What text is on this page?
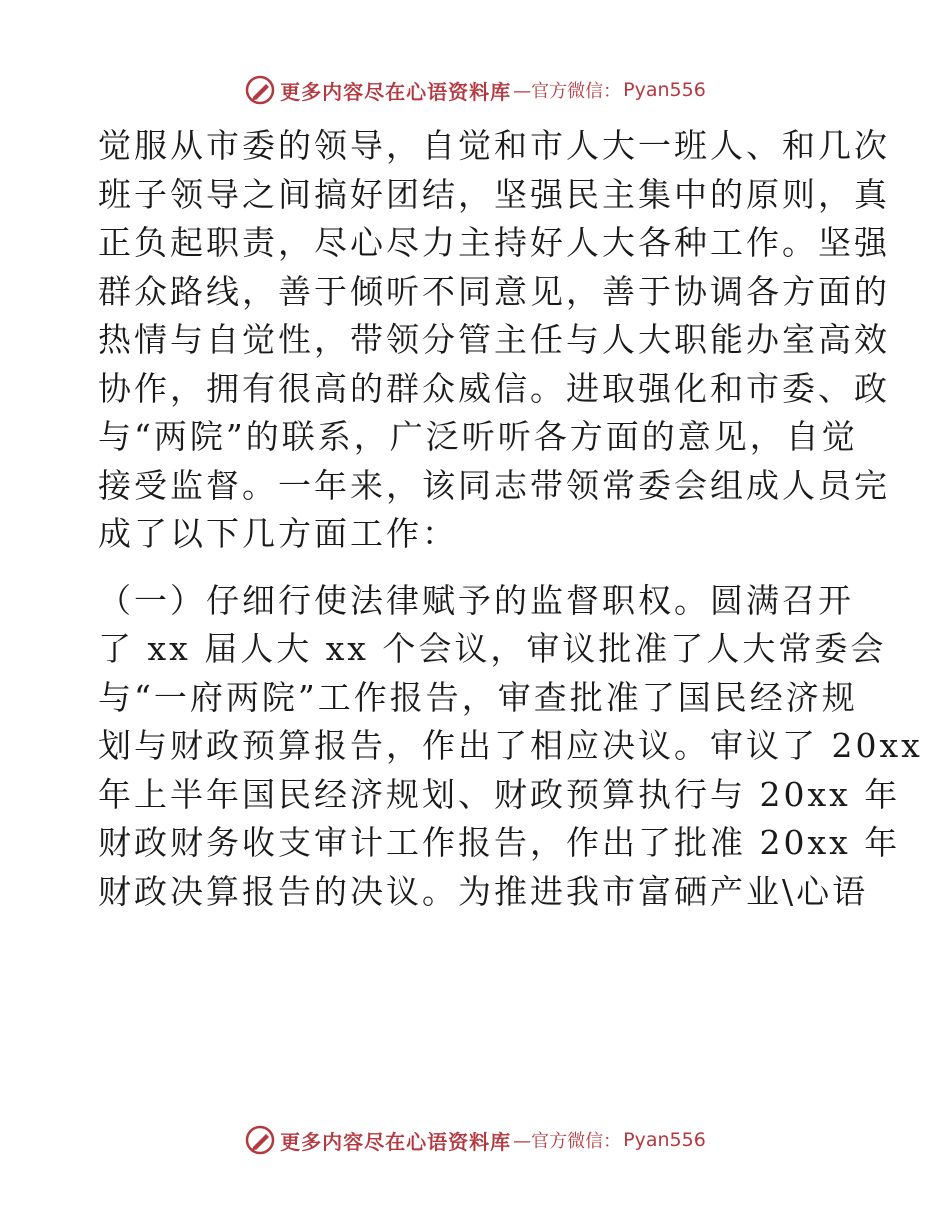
更多内容尽在心语资料库 —官方微信： Pyan556

觉服从市委的领导，自觉和市人大一班人、和几次
班子领导之间搞好团结，坚强民主集中的原则，真
正负起职责，尽心尽力主持好人大各种工作。坚强
群众路线，善于倾听不同意见，善于协调各方面的
热情与自觉性，带领分管主任与人大职能办室高效
协作，拥有很高的群众威信。进取强化和市委、政
与“两院”的联系，广泛听听各方面的意见，自觉
接受监督。一年来，该同志带领常委会组成人员完
成了以下几方面工作：

（一）仔细行使法律赋予的监督职权。圆满召开
了 xx 届人大 xx 个会议，审议批准了人大常委会
与“一府两院”工作报告，审查批准了国民经济规
划与财政预算报告，作出了相应决议。审议了 20xx
年上半年国民经济规划、财政预算执行与 20xx 年
财政财务收支审计工作报告，作出了批准 20xx 年
财政决算报告的决议。为推进我市富硒产业\心语

更多内容尽在心语资料库 —官方微信： Pyan556
